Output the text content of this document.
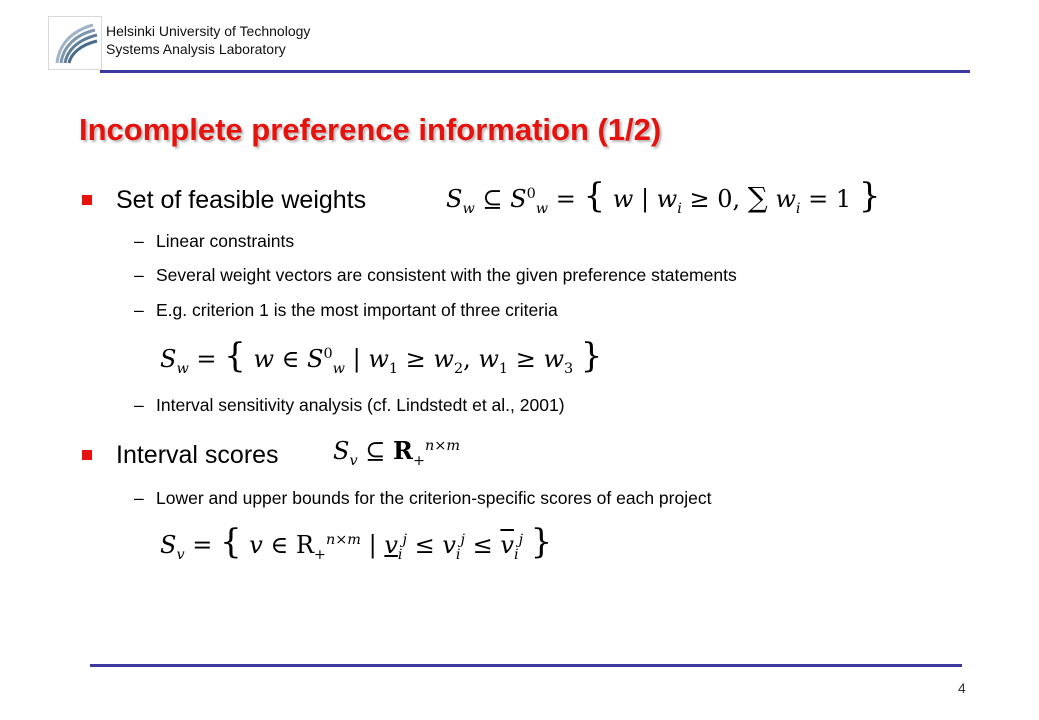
Helsinki University of Technology
Systems Analysis Laboratory
Incomplete preference information (1/2)
Set of feasible weights	$S_w$ ⊆ $S^0_w$ = { w | $w_i \ge 0$, ∑ $w_i = 1$ }
– Linear constraints
– Several weight vectors are consistent with the given preference statements
– E.g. criterion 1 is the most important of three criteria
$S_w$ = { w ∈ $S^0_w$ | $w_1 \ge w_2$, $w_1 \ge w_3$ }
– Interval sensitivity analysis (cf. Lindstedt et al., 2001)
Interval scores $S_v$ ⊆ $R_+^{n\times m}$
– Lower and upper bounds for the criterion-specific scores of each project
$S_v$ = { v ∈ $R_+^{n\times m}$ | $v_i^j \le v_i^j \le \overline{v}_i^j$ }
4
